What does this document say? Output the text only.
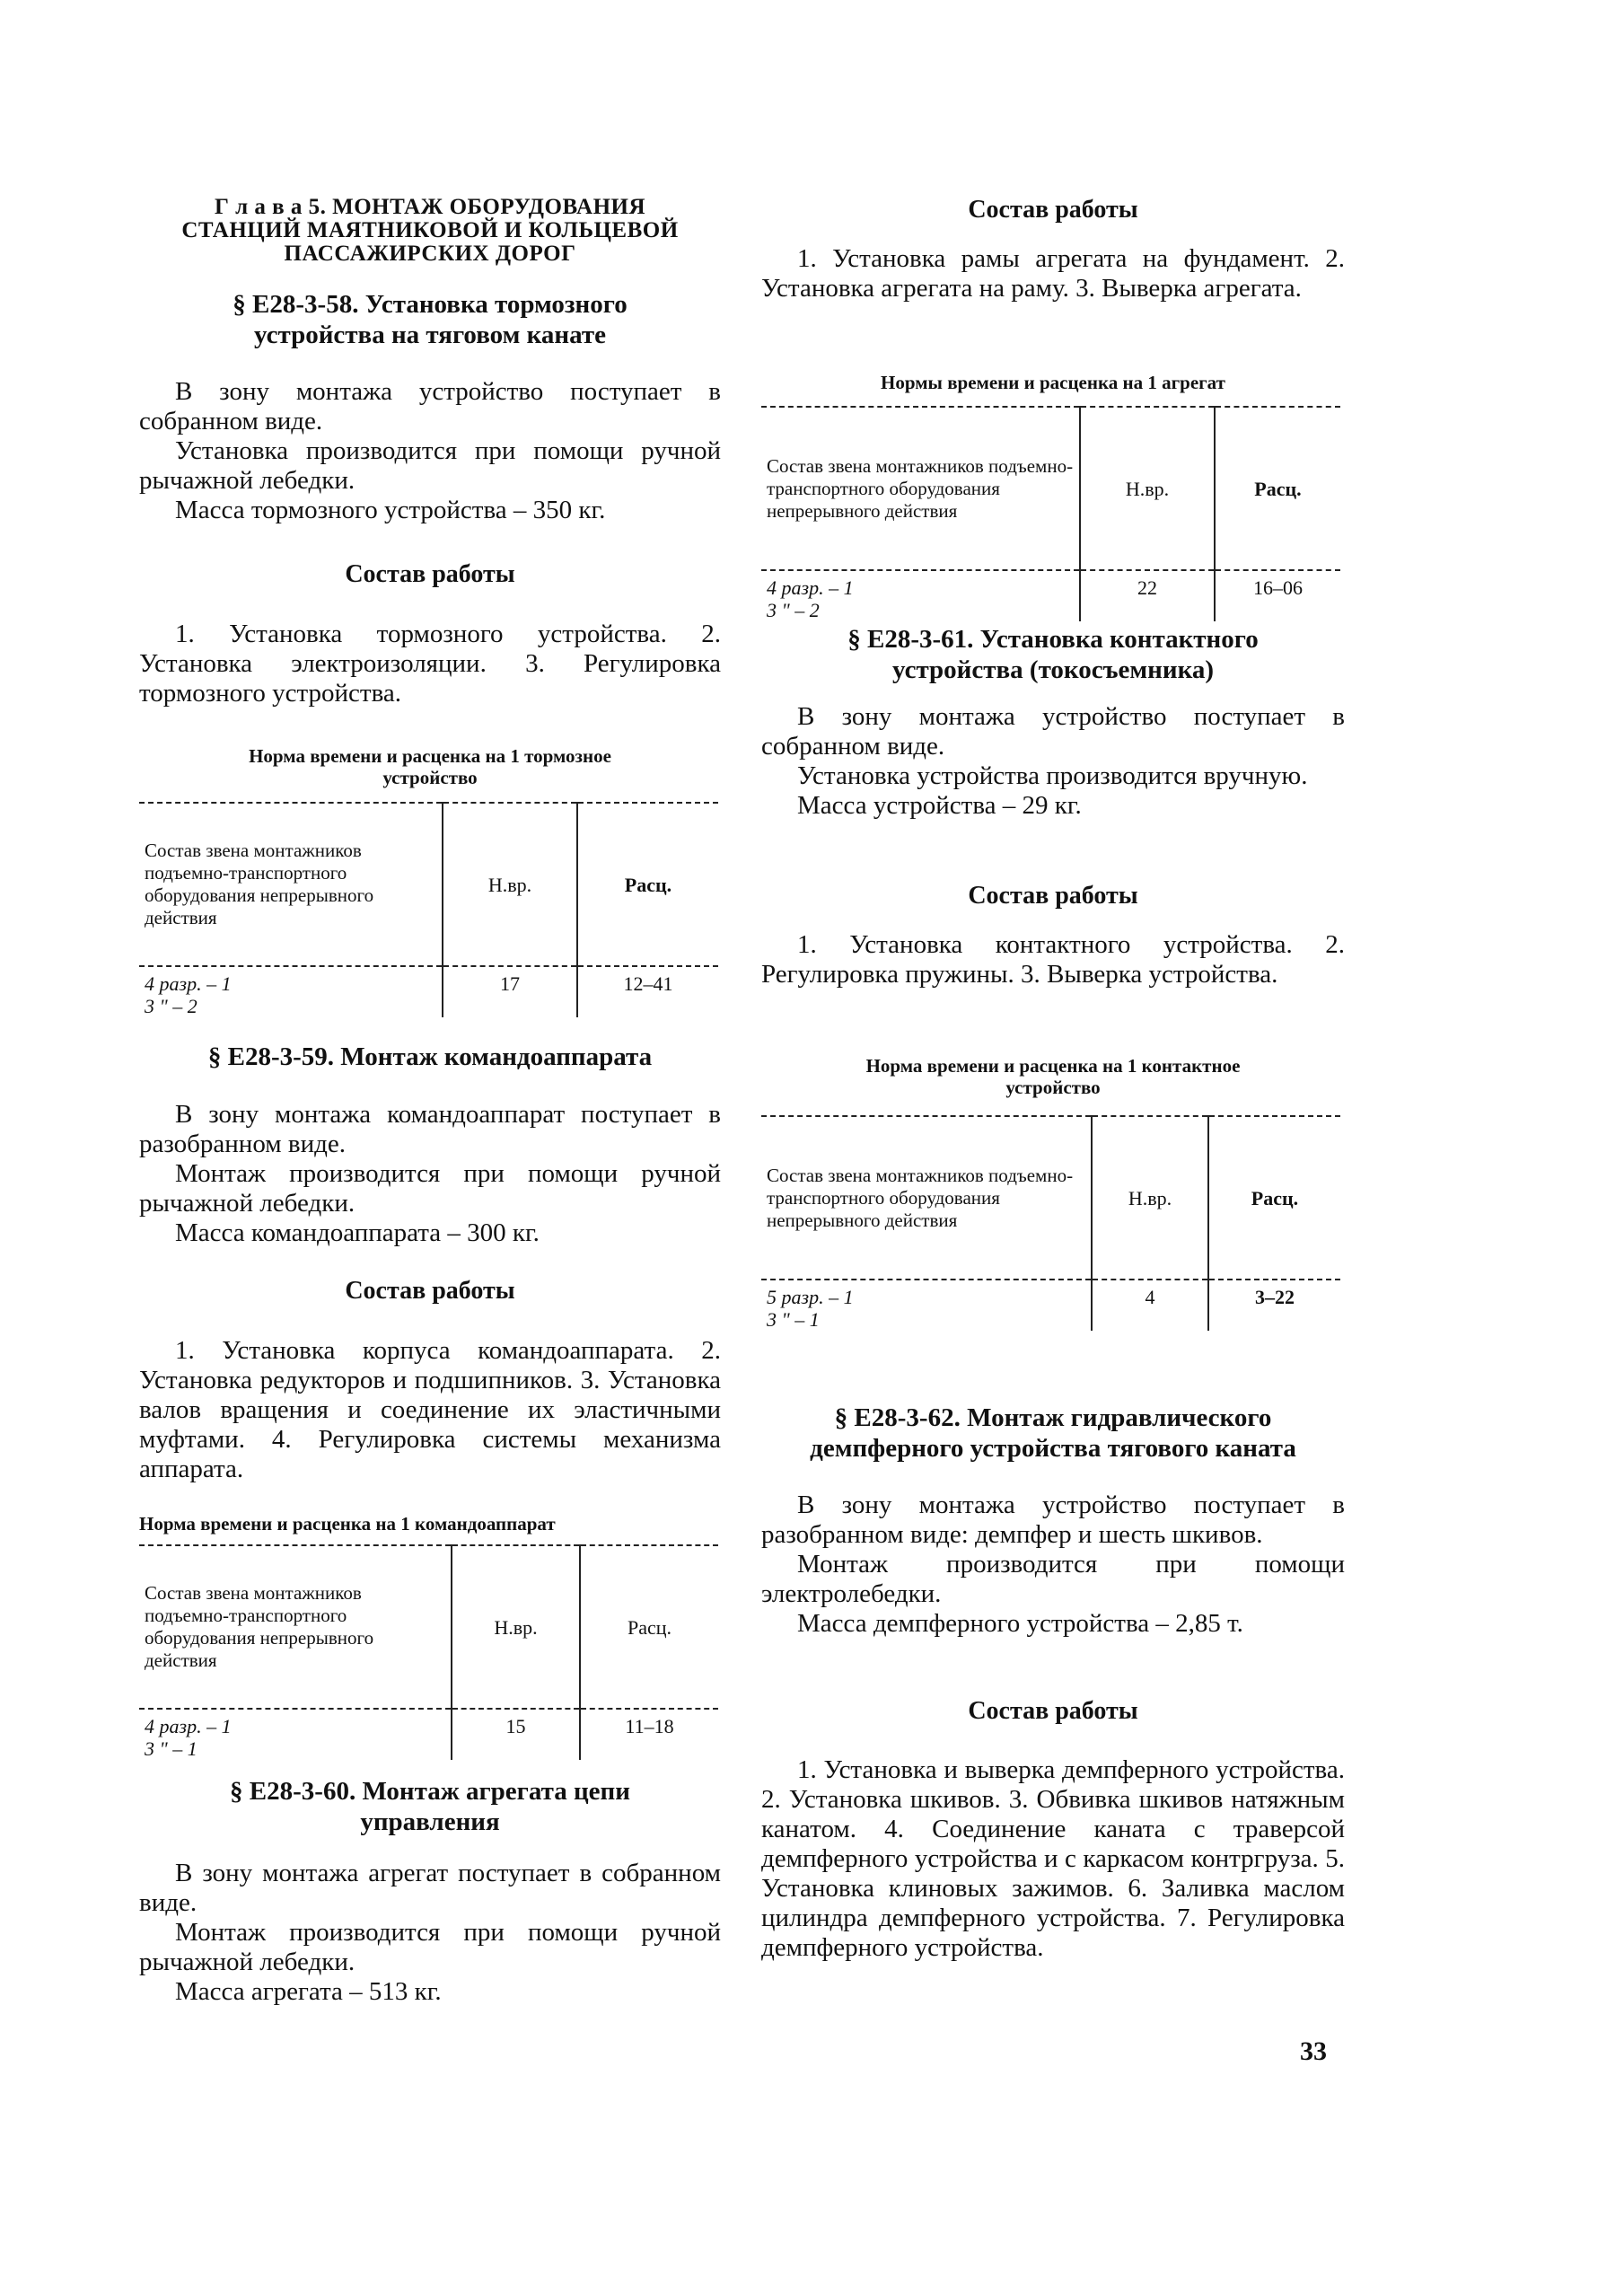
Г л а в а 5. МОНТАЖ ОБОРУДОВАНИЯ
СТАНЦИЙ МАЯТНИКОВОЙ И КОЛЬЦЕВОЙ
ПАССАЖИРСКИХ ДОРОГ
§ Е28-3-58. Установка тормозного
устройства на тяговом канате
В зону монтажа устройство поступает в собранном виде.
Установка производится при помощи ручной рычажной лебедки.
Масса тормозного устройства – 350 кг.
Состав работы
1. Установка тормозного устройства. 2. Установка электроизоляции. 3. Регулировка тормозного устройства.
Норма времени и расценка на 1 тормозное
устройство
Состав звена монтажников подъемно-транспортного оборудования непрерывного действия	Н.вр.	Расц.

4 разр. – 1
3 " – 2	17	12–41
§ Е28-3-59. Монтаж командоаппарата
В зону монтажа командоаппарат поступает в разобранном виде.
Монтаж производится при помощи ручной рычажной лебедки.
Масса командоаппарата – 300 кг.
Состав работы
1. Установка корпуса командоаппарата. 2. Установка редукторов и подшипников. 3. Установка валов вращения и соединение их эластичными муфтами. 4. Регулировка системы механизма аппарата.
Норма времени и расценка на 1 командоаппарат
Состав звена монтажников подъемно-транспортного оборудования непрерывного действия	Н.вр.	Расц.

4 разр. – 1
3 " – 1	15	11–18
§ Е28-3-60. Монтаж агрегата цепи
управления
В зону монтажа агрегат поступает в собранном виде.
Монтаж производится при помощи ручной рычажной лебедки.
Масса агрегата – 513 кг.
Состав работы
1. Установка рамы агрегата на фундамент. 2. Установка агрегата на раму. 3. Выверка агрегата.
Нормы времени и расценка на 1 агрегат
Состав звена монтажников подъемно-транспортного оборудования непрерывного действия	Н.вр.	Расц.

4 разр. – 1
3 " – 2	22	16–06
§ Е28-3-61. Установка контактного
устройства (токосъемника)
В зону монтажа устройство поступает в собранном виде.
Установка устройства производится вручную.
Масса устройства – 29 кг.
Состав работы
1. Установка контактного устройства. 2. Регулировка пружины. 3. Выверка устройства.
Норма времени и расценка на 1 контактное
устройство
Состав звена монтажников подъемно-транспортного оборудования непрерывного действия	Н.вр.	Расц.

5 разр. – 1
3 " – 1	4	3–22
§ Е28-3-62. Монтаж гидравлического
демпферного устройства тягового каната
В зону монтажа устройство поступает в разобранном виде: демпфер и шесть шкивов.
Монтаж производится при помощи электролебедки.
Масса демпферного устройства – 2,85 т.
Состав работы
1. Установка и выверка демпферного устройства. 2. Установка шкивов. 3. Обвивка шкивов натяжным канатом. 4. Соединение каната с траверсой демпферного устройства и с каркасом контргруза. 5. Установка клиновых зажимов. 6. Заливка маслом цилиндра демпферного устройства. 7. Регулировка демпферного устройства.
33
